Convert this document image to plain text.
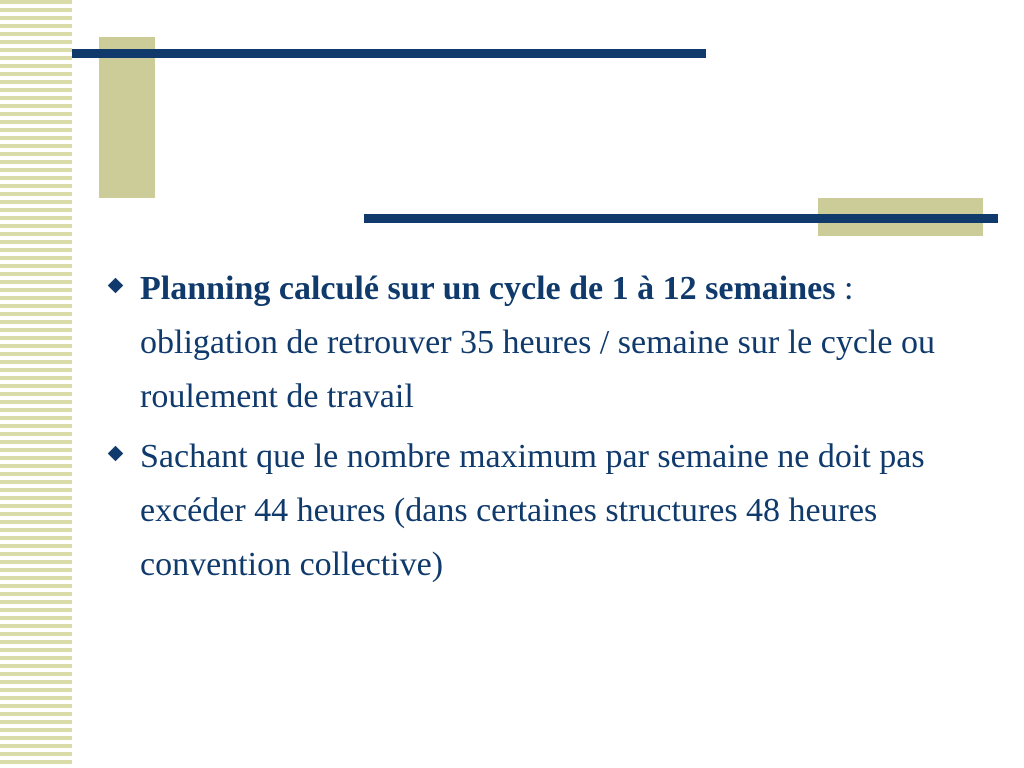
Planning calculé sur un cycle de 1 à 12 semaines : obligation de retrouver 35 heures / semaine sur le cycle ou roulement de travail
Sachant que le nombre maximum par semaine ne doit pas excéder 44 heures (dans certaines structures 48 heures convention collective)
